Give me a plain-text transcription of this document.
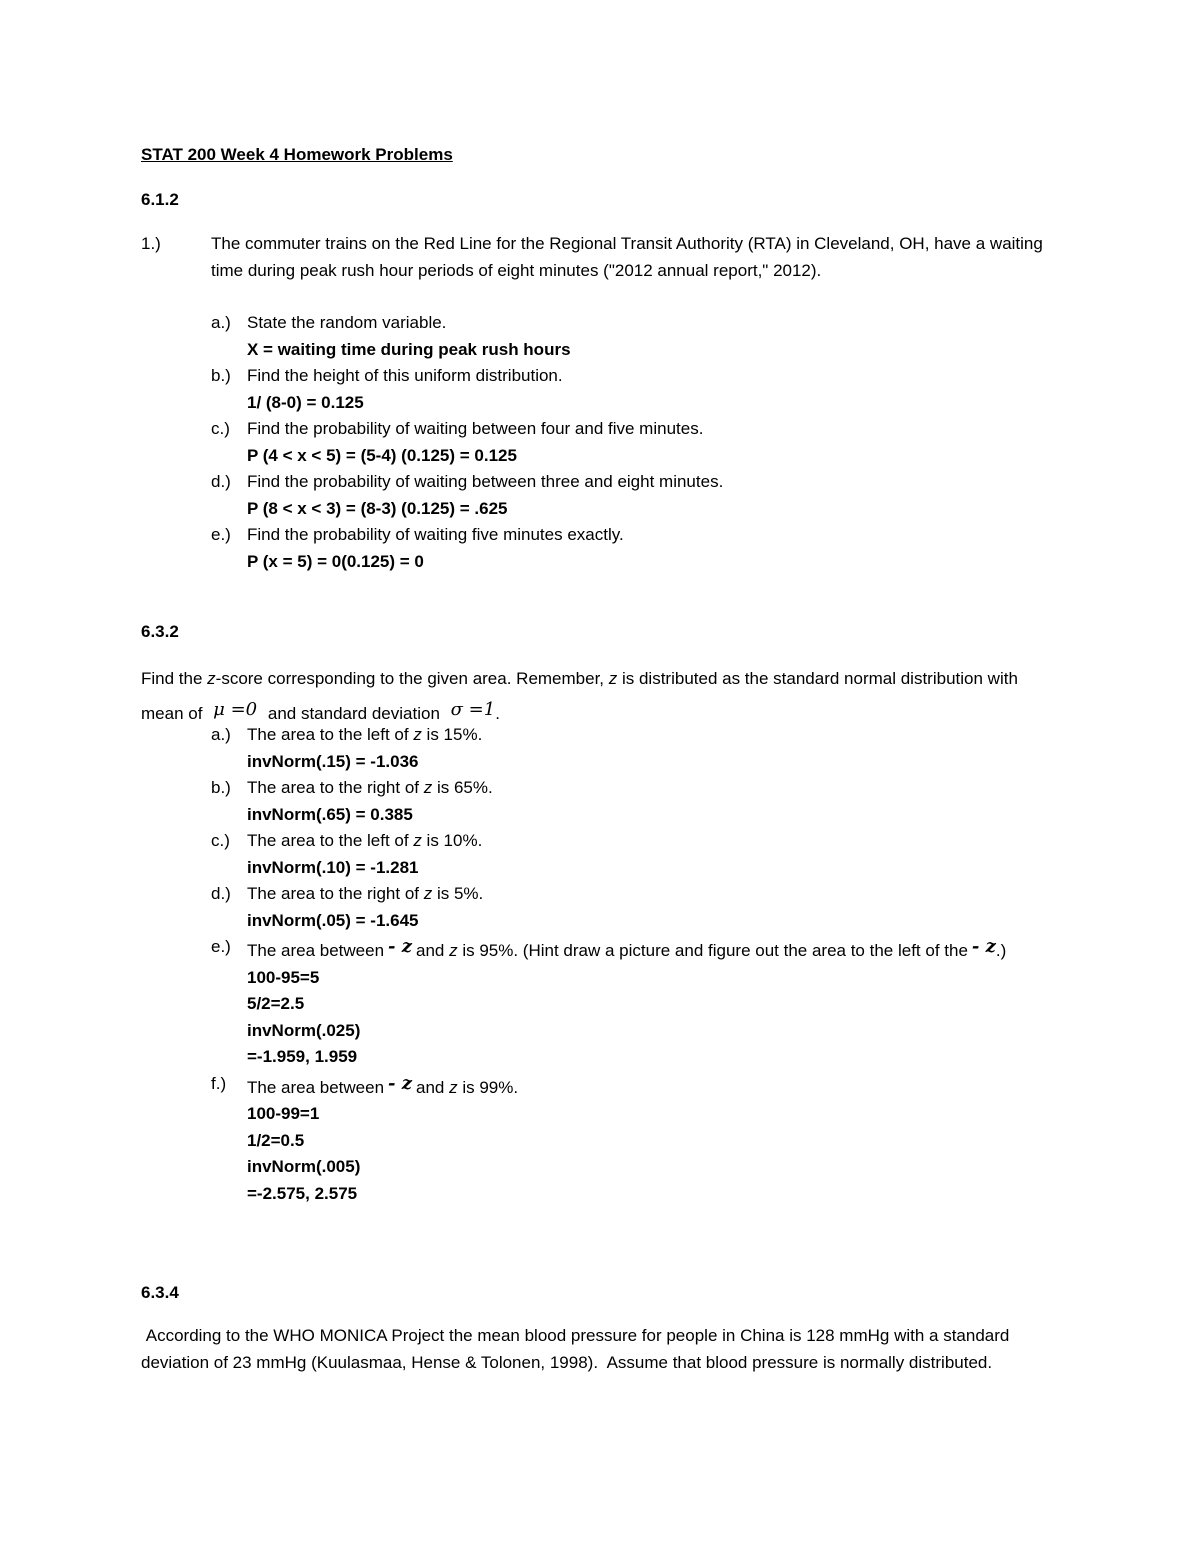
STAT 200 Week 4 Homework Problems
6.1.2
1.)	The commuter trains on the Red Line for the Regional Transit Authority (RTA) in Cleveland, OH, have a waiting time during peak rush hour periods of eight minutes ("2012 annual report," 2012).
a.) State the random variable.
X = waiting time during peak rush hours
b.) Find the height of this uniform distribution.
1/ (8-0) = 0.125
c.) Find the probability of waiting between four and five minutes.
P (4 < x < 5) = (5-4) (0.125) = 0.125
d.) Find the probability of waiting between three and eight minutes.
P (8 < x < 3) = (8-3) (0.125) = .625
e.) Find the probability of waiting five minutes exactly.
P (x = 5) = 0(0.125) = 0
6.3.2
Find the z-score corresponding to the given area. Remember, z is distributed as the standard normal distribution with mean of μ =0 and standard deviation σ =1.
a.) The area to the left of z is 15%.
invNorm(.15) = -1.036
b.) The area to the right of z is 65%.
invNorm(.65) = 0.385
c.) The area to the left of z is 10%.
invNorm(.10) = -1.281
d.) The area to the right of z is 5%.
invNorm(.05) = -1.645
e.) The area between - z and z is 95%. (Hint draw a picture and figure out the area to the left of the - z.)
100-95=5
5/2=2.5
invNorm(.025)
=-1.959, 1.959
f.) The area between - z and z is 99%.
100-99=1
1/2=0.5
invNorm(.005)
=-2.575, 2.575
6.3.4
According to the WHO MONICA Project the mean blood pressure for people in China is 128 mmHg with a standard deviation of 23 mmHg (Kuulasmaa, Hense & Tolonen, 1998).  Assume that blood pressure is normally distributed.
